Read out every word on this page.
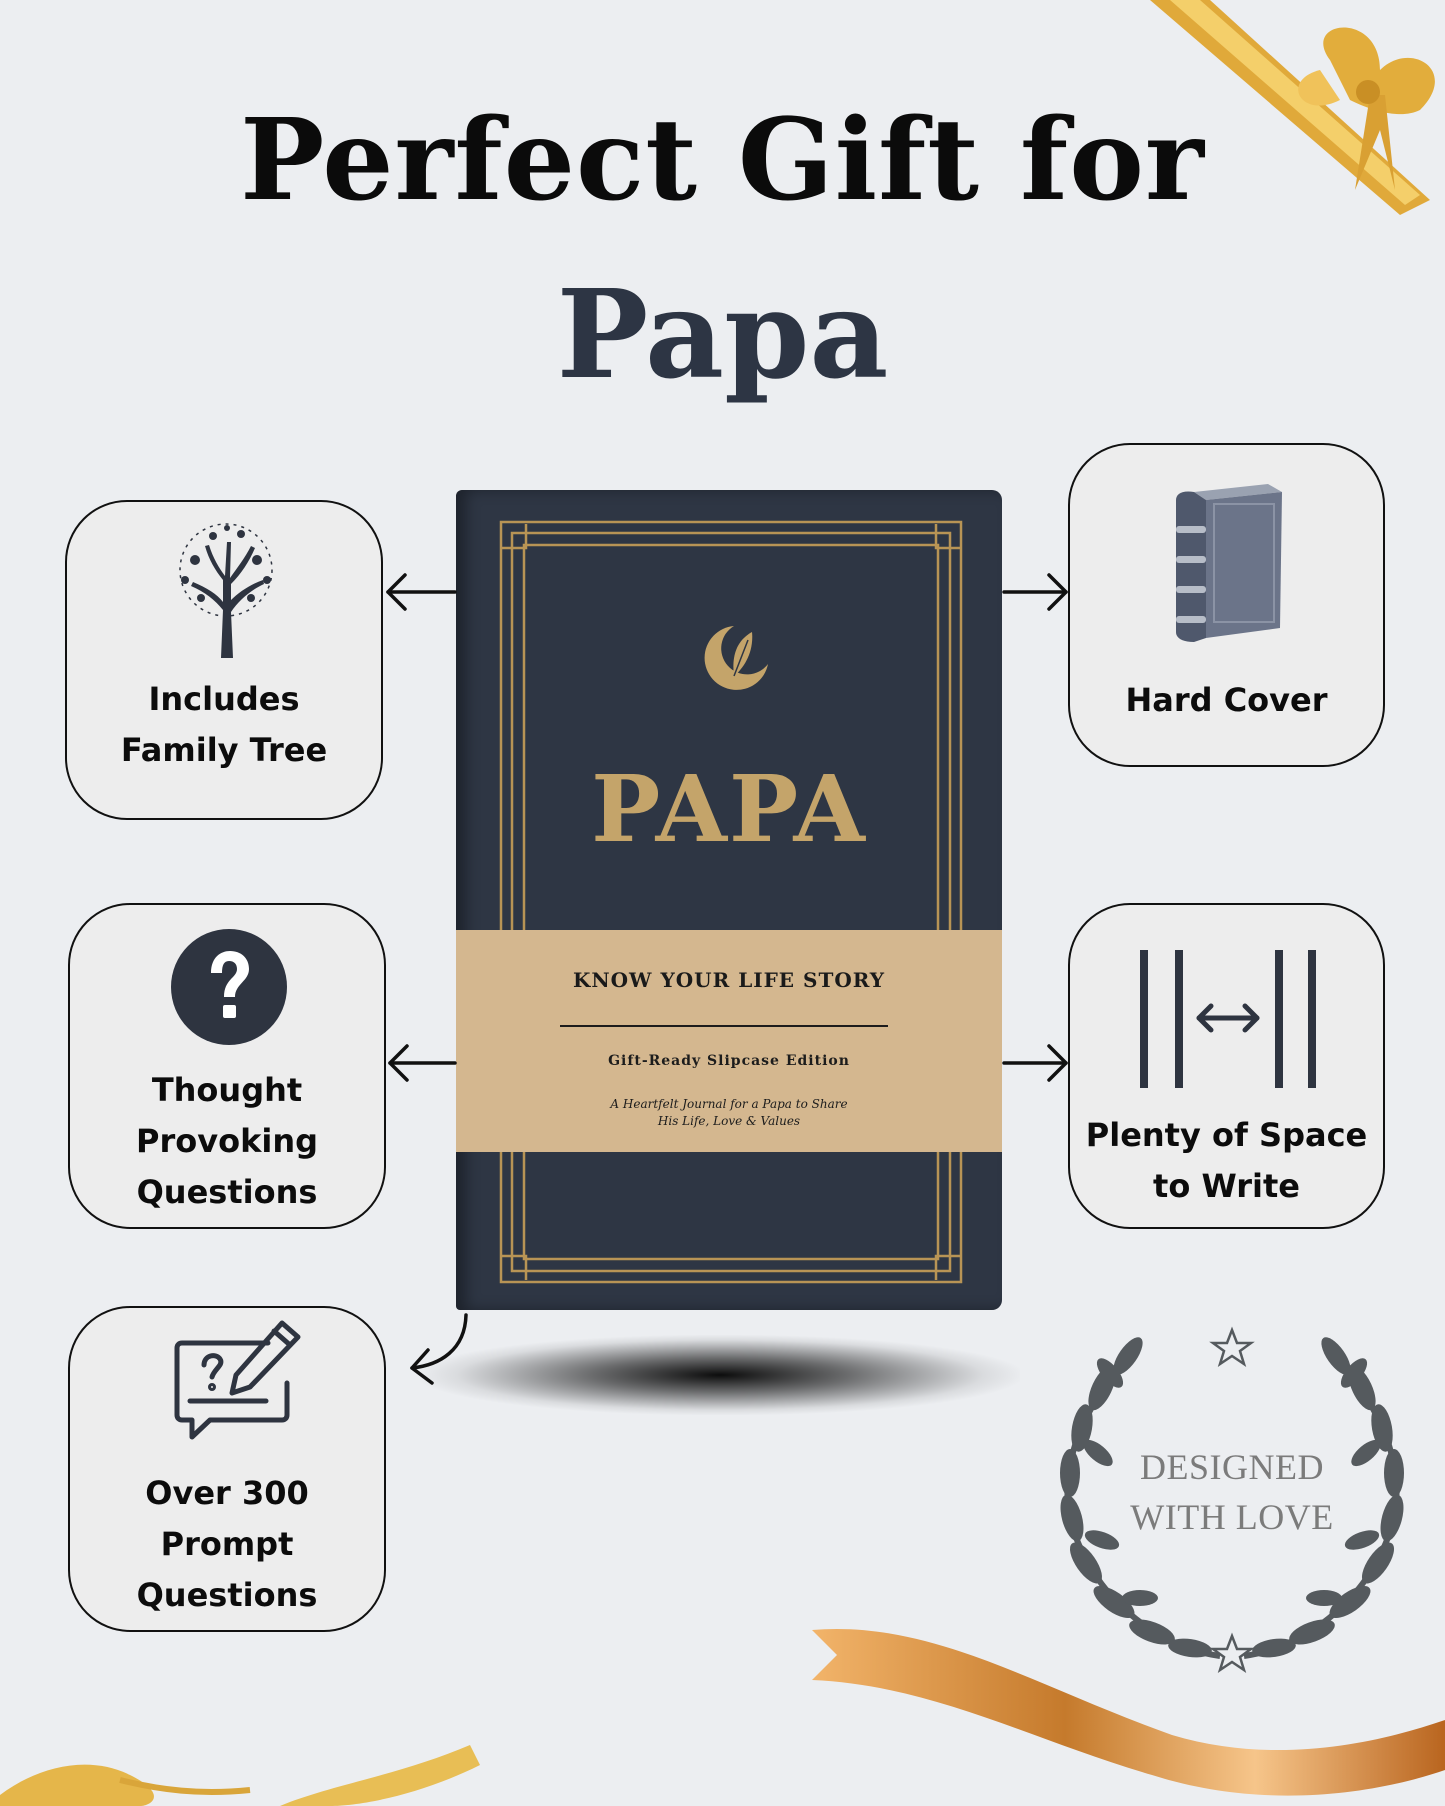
Perfect Gift for
Papa
PAPA
KNOW YOUR LIFE STORY
Gift-Ready Slipcase Edition
A Heartfelt Journal for a Papa to Share
His Life, Love & Values
Includes
Family Tree
Thought
Provoking
Questions
Over 300
Prompt
Questions
Hard Cover
Plenty of Space
to Write
DESIGNED
WITH LOVE
